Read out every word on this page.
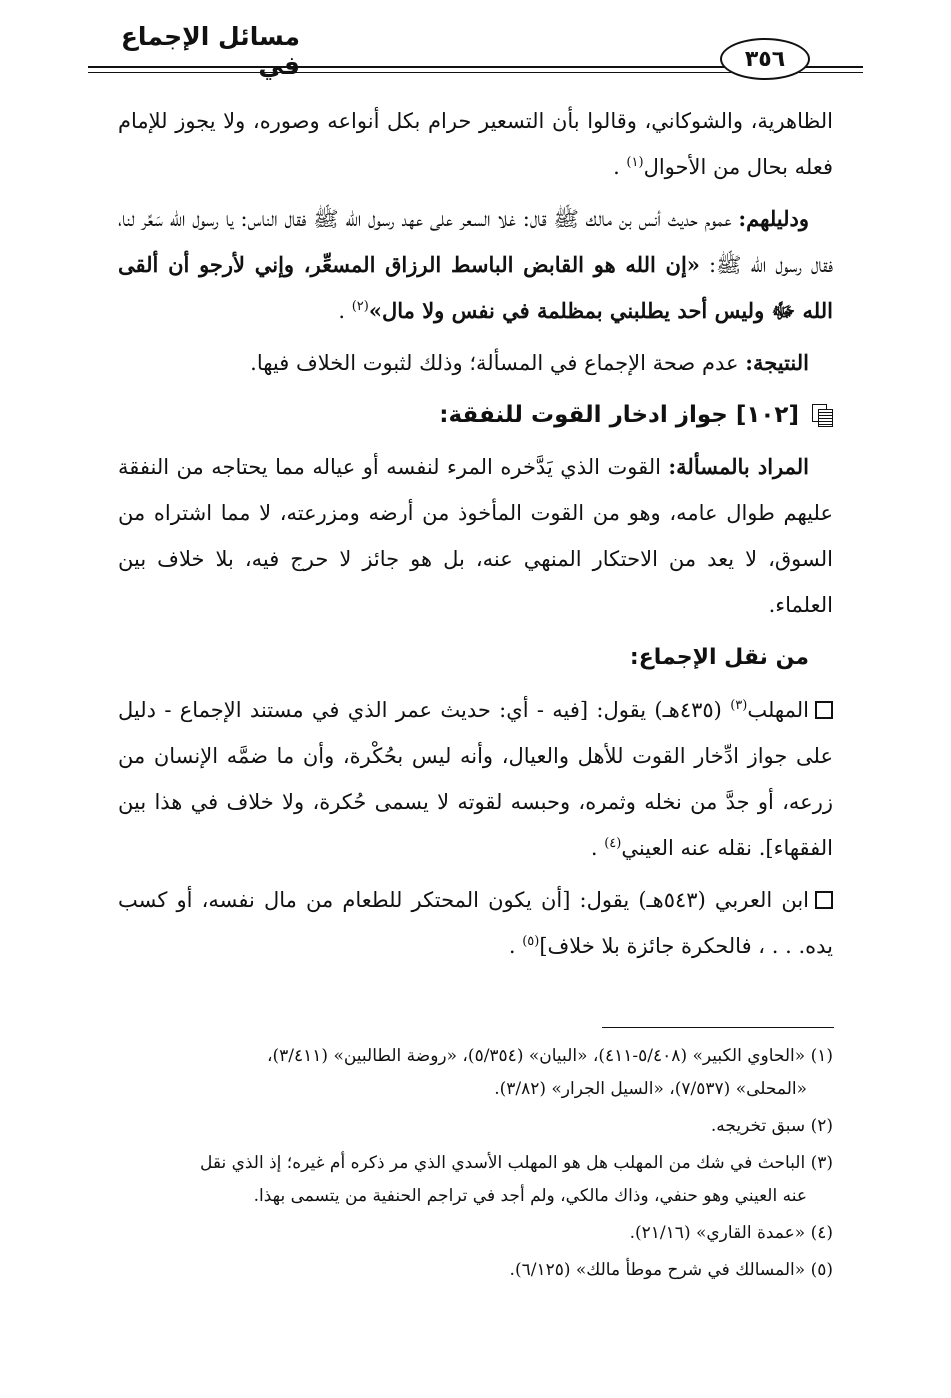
مسائل الإجماع في	٣٥٦

الظاهرية، والشوكاني، وقالوا بأن التسعير حرام بكل أنواعه وصوره، ولا يجوز للإمام فعله بحال من الأحوال$^{(١)}$ .

ودليلهم: عموم حديث أنس بن مالك ﷺ قال: غلا السعر على عهد رسول الله ﷺ فقال الناس: يا رسول الله سَعِّر لنا، فقال رسول الله ﷺ: «إن الله هو القابض الباسط الرزاق المسعِّر، وإني لأرجو أن ألقى الله ﷻ وليس أحد يطلبني بمظلمة في نفس ولا مال»$^{(٢)}$ .

النتيجة: عدم صحة الإجماع في المسألة؛ وذلك لثبوت الخلاف فيها.

[١٠٢] جواز ادخار القوت للنفقة:

المراد بالمسألة: القوت الذي يَدَّخره المرء لنفسه أو عياله مما يحتاجه من النفقة عليهم طوال عامه، وهو من القوت المأخوذ من أرضه ومزرعته، لا مما اشتراه من السوق، لا يعد من الاحتكار المنهي عنه، بل هو جائز لا حرج فيه، بلا خلاف بين العلماء.

من نقل الإجماع:

المهلب$^{(٣)}$ (٤٣٥هـ) يقول: [فيه - أي: حديث عمر الذي في مستند الإجماع - دليل على جواز ادِّخار القوت للأهل والعيال، وأنه ليس بحُكْرة، وأن ما ضمَّه الإنسان من زرعه، أو جدَّ من نخله وثمره، وحبسه لقوته لا يسمى حُكرة، ولا خلاف في هذا بين الفقهاء]. نقله عنه العيني$^{(٤)}$ .

ابن العربي (٥٤٣هـ) يقول: [أن يكون المحتكر للطعام من مال نفسه، أو كسب يده. . . ، فالحكرة جائزة بلا خلاف]$^{(٥)}$ .

(١) «الحاوي الكبير» (٥/٤٠٨-٤١١)، «البيان» (٥/٣٥٤)، «روضة الطالبين» (٣/٤١١)،
«المحلى» (٧/٥٣٧)، «السيل الجرار» (٣/٨٢).

(٢) سبق تخريجه.

(٣) الباحث في شك من المهلب هل هو المهلب الأسدي الذي مر ذكره أم غيره؛ إذ الذي نقل
عنه العيني وهو حنفي، وذاك مالكي، ولم أجد في تراجم الحنفية من يتسمى بهذا.

(٤) «عمدة القاري» (٢١/١٦).

(٥) «المسالك في شرح موطأ مالك» (٦/١٢٥).
